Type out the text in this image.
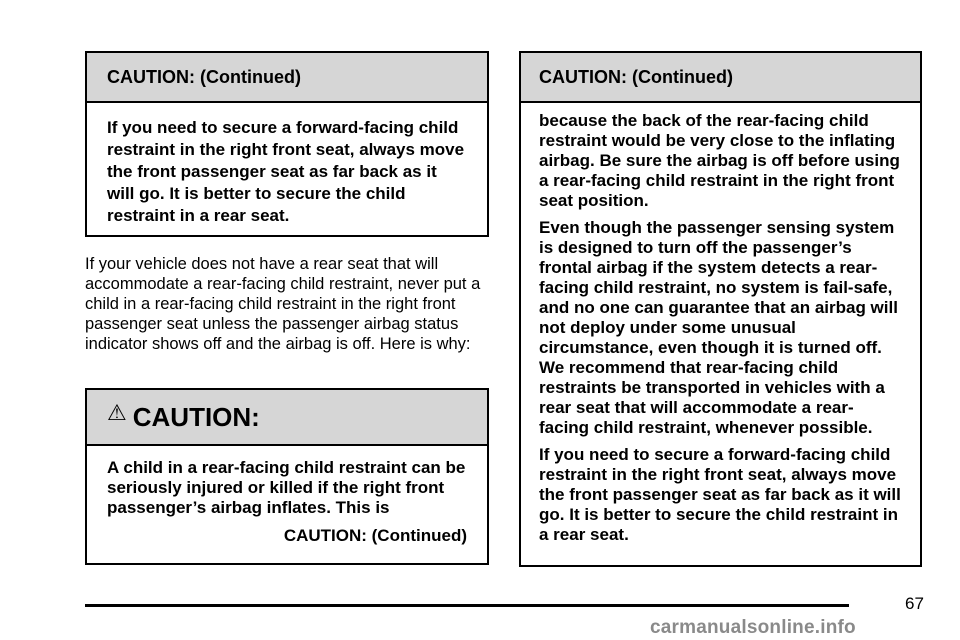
CAUTION: (Continued)

If you need to secure a forward-facing child restraint in the right front seat, always move the front passenger seat as far back as it will go. It is better to secure the child restraint in a rear seat.

If your vehicle does not have a rear seat that will accommodate a rear-facing child restraint, never put a child in a rear-facing child restraint in the right front passenger seat unless the passenger airbag status indicator shows off and the airbag is off. Here is why:

⚠ CAUTION:

A child in a rear-facing child restraint can be seriously injured or killed if the right front passenger’s airbag inflates. This is

CAUTION: (Continued)

CAUTION: (Continued)

because the back of the rear-facing child restraint would be very close to the inflating airbag. Be sure the airbag is off before using a rear-facing child restraint in the right front seat position.

Even though the passenger sensing system is designed to turn off the passenger’s frontal airbag if the system detects a rear-facing child restraint, no system is fail-safe, and no one can guarantee that an airbag will not deploy under some unusual circumstance, even though it is turned off. We recommend that rear-facing child restraints be transported in vehicles with a rear seat that will accommodate a rear-facing child restraint, whenever possible.

If you need to secure a forward-facing child restraint in the right front seat, always move the front passenger seat as far back as it will go. It is better to secure the child restraint in a rear seat.

67
carmanualsonline.info
